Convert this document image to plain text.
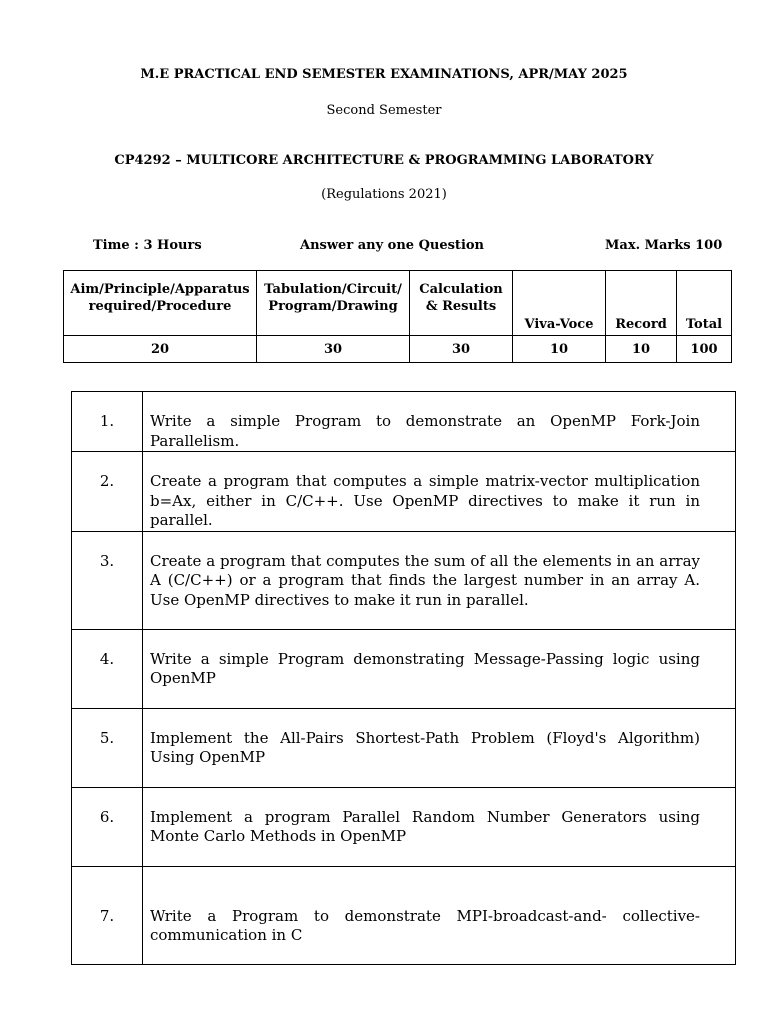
M.E PRACTICAL END SEMESTER EXAMINATIONS, APR/MAY 2025
Second Semester
CP4292 – MULTICORE ARCHITECTURE & PROGRAMMING LABORATORY
(Regulations 2021)
Time : 3 Hours	Answer any one Question	Max. Marks 100
Aim/Principle/Apparatus required/Procedure	Tabulation/Circuit/ Program/Drawing	Calculation & Results	Viva-Voce	Record	Total
20	30	30	10	10	100
1.	Write a simple Program to demonstrate an OpenMP Fork-Join Parallelism.
2.	Create a program that computes a simple matrix-vector multiplication b=Ax, either in C/C++. Use OpenMP directives to make it run in parallel.
3.	Create a program that computes the sum of all the elements in an array A (C/C++) or a program that finds the largest number in an array A. Use OpenMP directives to make it run in parallel.
4.	Write a simple Program demonstrating Message-Passing logic using OpenMP
5.	Implement the All-Pairs Shortest-Path Problem (Floyd's Algorithm) Using OpenMP
6.	Implement a program Parallel Random Number Generators using Monte Carlo Methods in OpenMP
7.	Write a Program to demonstrate MPI-broadcast-and- collective-communication in C
